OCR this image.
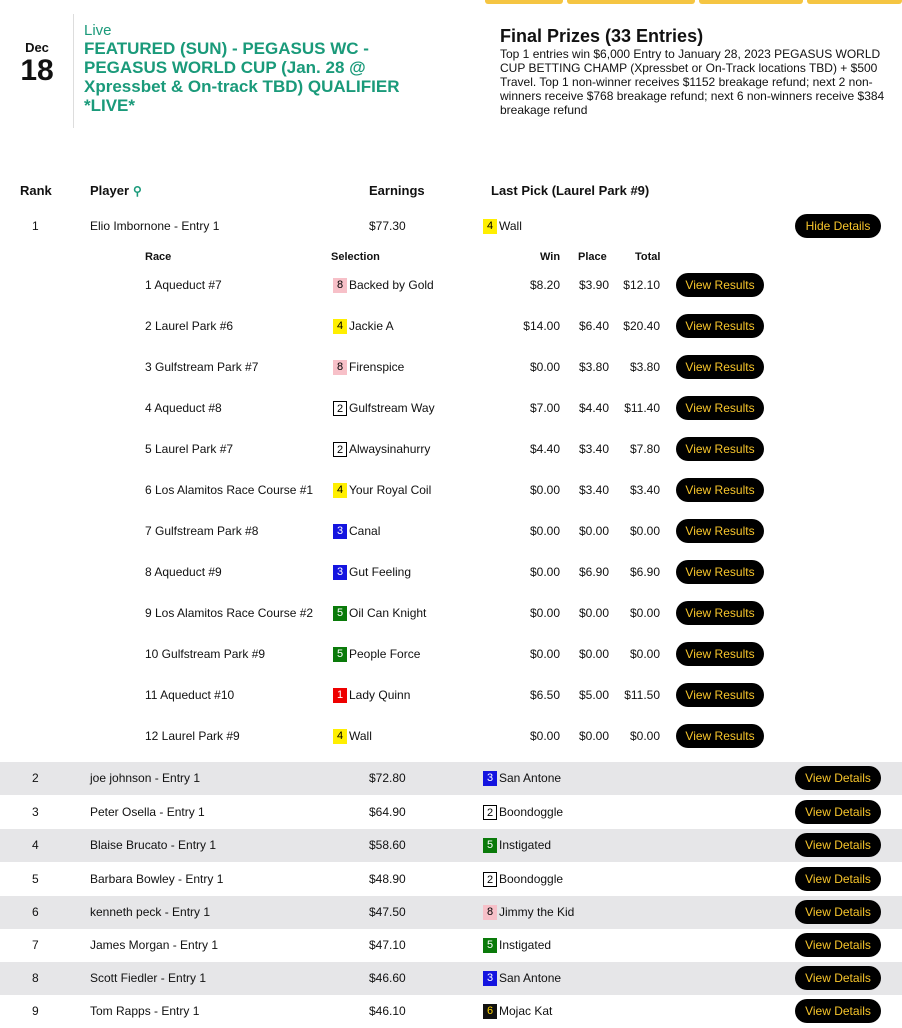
Dec
18
Live
FEATURED (SUN) - PEGASUS WC - PEGASUS WORLD CUP (Jan. 28 @ Xpressbet & On-track TBD) QUALIFIER *LIVE*
Final Prizes (33 Entries)
Top 1 entries win $6,000 Entry to January 28, 2023 PEGASUS WORLD CUP BETTING CHAMP (Xpressbet or On-Track locations TBD) + $500 Travel. Top 1 non-winner receives $1152 breakage refund; next 2 non-winners receive $768 breakage refund; next 6 non-winners receive $384 breakage refund
Rank	Player ⚲	Earnings	Last Pick (Laurel Park #9)
1	Elio Imbornone - Entry 1	$77.30	4 Wall	Hide Details
2	joe johnson - Entry 1	$72.80	3 San Antone	View Details
3	Peter Osella - Entry 1	$64.90	2 Boondoggle	View Details
4	Blaise Brucato - Entry 1	$58.60	5 Instigated	View Details
5	Barbara Bowley - Entry 1	$48.90	2 Boondoggle	View Details
6	kenneth peck - Entry 1	$47.50	8 Jimmy the Kid	View Details
7	James Morgan - Entry 1	$47.10	5 Instigated	View Details
8	Scott Fiedler - Entry 1	$46.60	3 San Antone	View Details
9	Tom Rapps - Entry 1	$46.10	6 Mojac Kat	View Details
Race	Selection	Win Place	Total
1 Aqueduct #7	8 Backed by Gold	$8.20 $3.90 $12.10	View Results
2 Laurel Park #6	4 Jackie A	$14.00 $6.40 $20.40	View Results
3 Gulfstream Park #7	8 Firenspice	$0.00 $3.80 $3.80	View Results
4 Aqueduct #8	2 Gulfstream Way	$7.00 $4.40 $11.40	View Results
5 Laurel Park #7	2 Alwaysinahurry	$4.40 $3.40 $7.80	View Results
6 Los Alamitos Race Course #1	4 Your Royal Coil	$0.00 $3.40 $3.40	View Results
7 Gulfstream Park #8	3 Canal	$0.00 $0.00 $0.00	View Results
8 Aqueduct #9	3 Gut Feeling	$0.00 $6.90 $6.90	View Results
9 Los Alamitos Race Course #2	5 Oil Can Knight	$0.00 $0.00 $0.00	View Results
10 Gulfstream Park #9	5 People Force	$0.00 $0.00 $0.00	View Results
11 Aqueduct #10	1 Lady Quinn	$6.50 $5.00 $11.50	View Results
12 Laurel Park #9	4 Wall	$0.00 $0.00 $0.00	View Results
